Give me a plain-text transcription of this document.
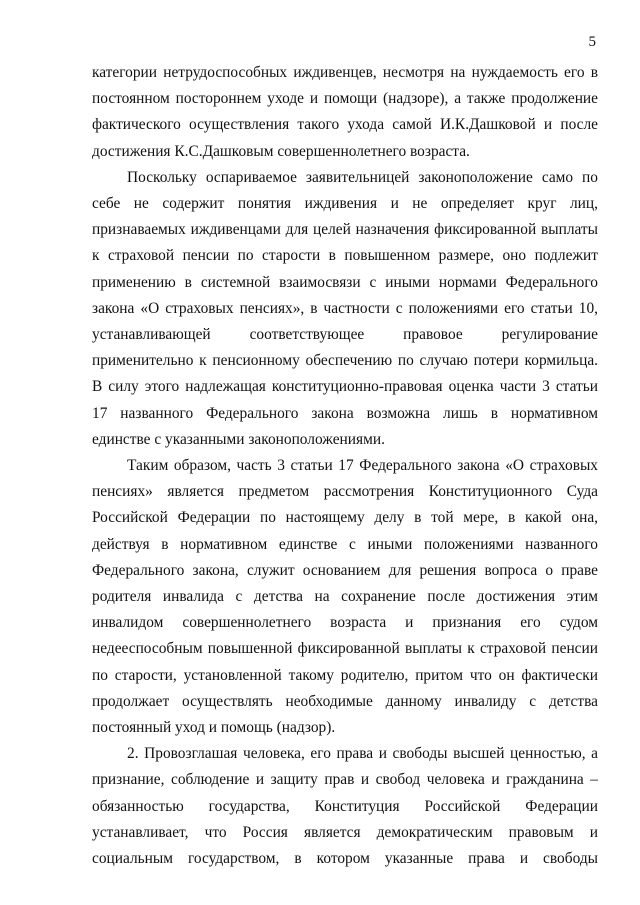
5

категории нетрудоспособных иждивенцев, несмотря на нуждаемость его в
постоянном постороннем уходе и помощи (надзоре), а также продолжение
фактического осуществления такого ухода самой И.К.Дашковой и после
достижения К.С.Дашковым совершеннолетнего возраста.

Поскольку оспариваемое заявительницей законоположение само по
себе не содержит понятия иждивения и не определяет круг лиц,
признаваемых иждивенцами для целей назначения фиксированной выплаты
к страховой пенсии по старости в повышенном размере, оно подлежит
применению в системной взаимосвязи с иными нормами Федерального
закона «О страховых пенсиях», в частности с положениями его статьи 10,
устанавливающей соответствующее правовое регулирование
применительно к пенсионному обеспечению по случаю потери кормильца.
В силу этого надлежащая конституционно-правовая оценка части 3 статьи
17 названного Федерального закона возможна лишь в нормативном
единстве с указанными законоположениями.

Таким образом, часть 3 статьи 17 Федерального закона «О страховых
пенсиях» является предметом рассмотрения Конституционного Суда
Российской Федерации по настоящему делу в той мере, в какой она,
действуя в нормативном единстве с иными положениями названного
Федерального закона, служит основанием для решения вопроса о праве
родителя инвалида с детства на сохранение после достижения этим
инвалидом совершеннолетнего возраста и признания его судом
недееспособным повышенной фиксированной выплаты к страховой пенсии
по старости, установленной такому родителю, притом что он фактически
продолжает осуществлять необходимые данному инвалиду с детства
постоянный уход и помощь (надзор).

2. Провозглашая человека, его права и свободы высшей ценностью, а
признание, соблюдение и защиту прав и свобод человека и гражданина –
обязанностью государства, Конституция Российской Федерации
устанавливает, что Россия является демократическим правовым и
социальным государством, в котором указанные права и свободы
